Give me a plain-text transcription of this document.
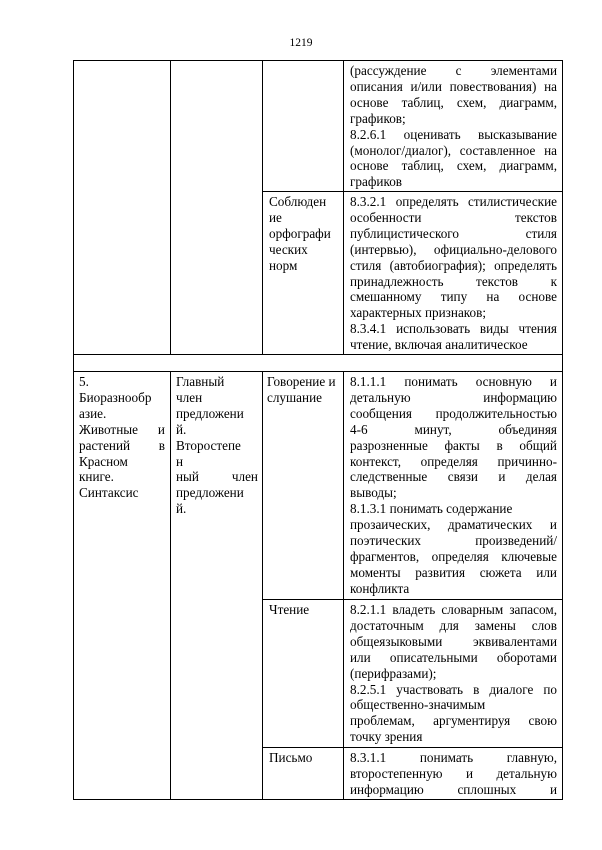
1219

(рассуждение с элементами

описания и/или повествования) на

основе таблиц, схем, диаграмм,

графиков;

8.2.6.1 оценивать высказывание

(монолог/диалог), составленное на

основе таблиц, схем, диаграмм,

графиков

Соблюден

ие

орфографи

ческих

норм

8.3.2.1 определять стилистические

особенности текстов

публицистического стиля

(интервью), официально-делового

стиля (автобиография); определять

принадлежность текстов к

смешанному типу на основе

характерных признаков;

8.3.4.1 использовать виды чтения

чтение, включая аналитическое

5.

Биоразнообр

азие.

Животные и

растений в

Красном

книге.

Синтаксис

Главный

член

предложени

й.

Второстепе

н

ный член

предложени

й.

Говорение и

слушание

8.1.1.1 понимать основную и

детальную информацию

сообщения продолжительностью

4-6 минут, объединяя

разрозненные факты в общий

контекст, определяя причинно-

следственные связи и делая

выводы;

8.1.3.1 понимать содержание

прозаических, драматических и

поэтических произведений/

фрагментов, определяя ключевые

моменты развития сюжета или

конфликта

Чтение	8.2.1.1 владеть словарным запасом,

достаточным для замены слов

общеязыковыми эквивалентами

или описательными оборотами

(перифразами);

8.2.5.1 участвовать в диалоге по

общественно-значимым

проблемам, аргументируя свою

точку зрения

Письмо	8.3.1.1 понимать главную,

второстепенную и детальную

информацию сплошных и
